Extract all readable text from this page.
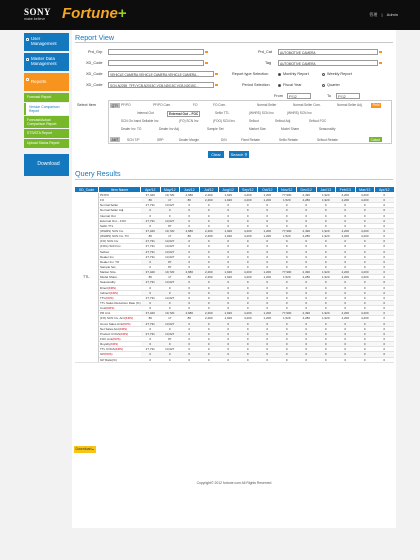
SONY
make.believe Fortune+	管理 | Admin
User Management
Master Data Management
Reports
Forecast Report
Version Comparison Report
Forecast/Actual Comparison Report
STS/STA Report
Upload Status Report
Download
Report View
Prd_Grp	Prd_Cat	AUTOMOTIVE CAMERA
XD_Code	Tag	AUTOMOTIVE CAMERA
XD_Code	VEHICLE CAMERA,VEHICLE CAMERA,VEHICLE CAMERA...	Report type Selection	Monthly Report	Weekly Report
XD_Code	SCN-N2255_TFF,(YCB-N2015C,VCB-N2015C,VCB-N2015C...	Period Selection	Fiscal Year	Quarter
From	FY12	To	FY12
Select Item	QTY PF/PO	PF/PO Com.	FO	FO Com.	Normal Seller	Normal Seller Com.	Normal Seller Adj.	Field
Internal Out	External Out – FOC	Sellin TTL	(WHRS) SCN Inv.	(WHRS) SCN Inv.
SCN On-hand Sellable Inv.	(FO) SCN Inv.	(FOG) SCN Inv.	Sellout	Sellout Adj.	Sellout FOC
Dealer Inv. TO	Dealer Inv Adj.	Sample Set	Market Size	Model Share	Seasonality
AMT	SCN T/P	SRP	Dealer Margin	D/N	Fixed Rebate	Sellin Rebate	Sellout Rebate	Cutout
Clear	Search ⚲
Query Results
XD_Code	Item Name	Apr/12	May/12	Jun/12	Jul/12	Aug/12	Sep/12	Oct/12	Nov/12	Dec/12	Jan/13	Feb/13	Mar/13	Apr/12
TTL	PF/PO	37,420	19,720	4,680	2,490	1,920	4,200	1,200	77,900	2,490	1,920	4,200	4,200	0
	FO	86	17	86	2,490	1,920	4,200	1,200	1,529	4,280	1,920	4,200	4,200	0
	Normal Seller	27,731	13,027	0	0	0	0	0	0	0	0	0	0	0
	Normal Seller Adj.	0	0	0	0	0	0	0	0	0	0	0	0	0
	Internal Out	0	0	0	0	0	0	0	0	0	0	0	0	0
	External Out – FOC	27,731	13,027	0	0	0	0	0	0	0	0	0	0	0
	Sellin TTL	0	87	0	0	0	0	0	0	0	0	0	0	0
	(WHRS) SCN Inv.	37,420	19,720	4,680	2,490	1,920	4,200	1,200	77,900	2,490	1,920	4,200	4,200	0
	(WHRS) SCN Inv. TO	86	17	86	2,490	1,920	4,200	1,200	1,529	4,280	1,920	4,200	4,200	0
	(FO) SCN Inv.	27,731	13,027	0	0	0	0	0	0	0	0	0	0	0
	(FOG) SCN Inv.	27,731	13,027	0	0	0	0	0	0	0	0	0	0	0
	Sellout	27,731	13,027	0	0	0	0	0	0	0	0	0	0	0
	Dealer Inv.	27,731	13,027	0	0	0	0	0	0	0	0	0	0	0
	Dealer Inv. TO	0	87	0	0	0	0	0	0	0	0	0	0	0
	Sample Set	0	87	0	0	0	0	0	0	0	0	0	0	0
	Market Size	37,420	19,720	4,680	2,490	1,920	4,200	1,200	77,900	2,490	1,920	4,200	4,200	0
	Model Share	86	17	86	2,490	1,920	4,200	1,200	1,529	4,280	1,920	4,200	4,200	0
	Seasonality	27,731	13,027	0	0	0	0	0	0	0	0	0	0	0
	Direct(KRS)	0	0	0	0	0	0	0	0	0	0	0	0	0
	Indirect(KRS)	0	0	0	0	0	0	0	0	0	0	0	0	0
	TTL(KRS)	27,731	13,027	0	0	0	0	0	0	0	0	0	0	0
	TTL Sales Reduction Rate (%)	0	0	0	0	0	0	0	0	0	0	0	0	0
	Cost(KRS)	0	0	0	0	0	0	0	0	0	0	0	0	0
	PR Amt	37,420	19,720	4,680	2,490	1,920	4,200	1,200	77,900	2,490	1,920	4,200	4,200	0
	(FO) SCN Inv. Amt(KRS)	86	17	86	2,490	1,920	4,200	1,200	1,529	4,280	1,920	4,200	4,200	0
	Gross Sales Amt(KRS)	27,731	13,027	0	0	0	0	0	0	0	0	0	0	0
	Net Sales Amt(KRS)	0	0	0	0	0	0	0	0	0	0	0	0	0
	Product COGS(KRS)	27,731	13,027	0	0	0	0	0	0	0	0	0	0	0
	FOC Amt(KRS)	0	87	0	0	0	0	0	0	0	0	0	0	0
	Royalty(KRS)	0	0	0	0	0	0	0	0	0	0	0	0	0
	TTL COGS(KRS)	27,731	13,027	0	0	0	0	0	0	0	0	0	0	0
	GP(KRS)	0	0	0	0	0	0	0	0	0	0	0	0	0
	GP Ratio(%)	0	0	0	0	0	0	0	0	0	0	0	0	0
Download
Copyright© 2012 fortune.com All Rights Reserved
